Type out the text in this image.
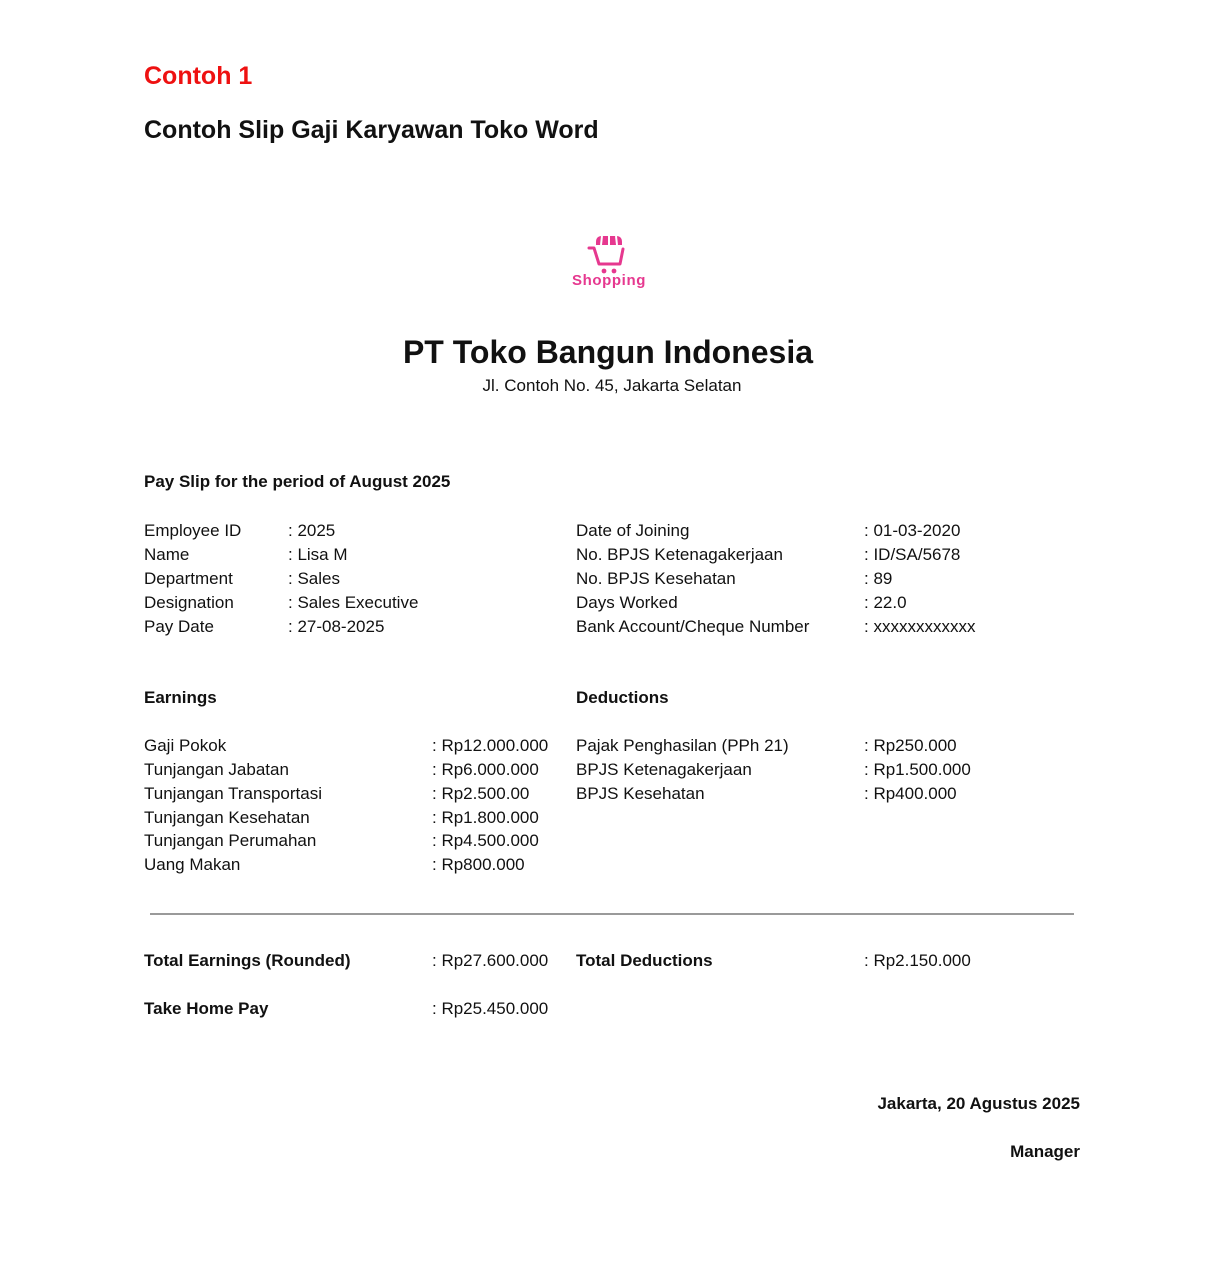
Contoh 1
Contoh Slip Gaji Karyawan Toko Word
Shopping
PT Toko Bangun Indonesia
Jl. Contoh No. 45, Jakarta Selatan
Pay Slip for the period of August 2025
Employee ID	: 2025
Name	: Lisa M
Department	: Sales
Designation	: Sales Executive
Pay Date	: 27-08-2025
Date of Joining	: 01-03-2020
No. BPJS Ketenagakerjaan	: ID/SA/5678
No. BPJS Kesehatan	: 89
Days Worked	: 22.0
Bank Account/Cheque Number	: xxxxxxxxxxxx
Earnings
Gaji Pokok	: Rp12.000.000
Tunjangan Jabatan	: Rp6.000.000
Tunjangan Transportasi	: Rp2.500.00
Tunjangan Kesehatan	: Rp1.800.000
Tunjangan Perumahan	: Rp4.500.000
Uang Makan	: Rp800.000
Deductions
Pajak Penghasilan (PPh 21)	: Rp250.000
BPJS Ketenagakerjaan	: Rp1.500.000
BPJS Kesehatan	: Rp400.000
Total Earnings (Rounded)	: Rp27.600.000 Total Deductions	: Rp2.150.000
Take Home Pay	: Rp25.450.000
Jakarta, 20 Agustus 2025
Manager
